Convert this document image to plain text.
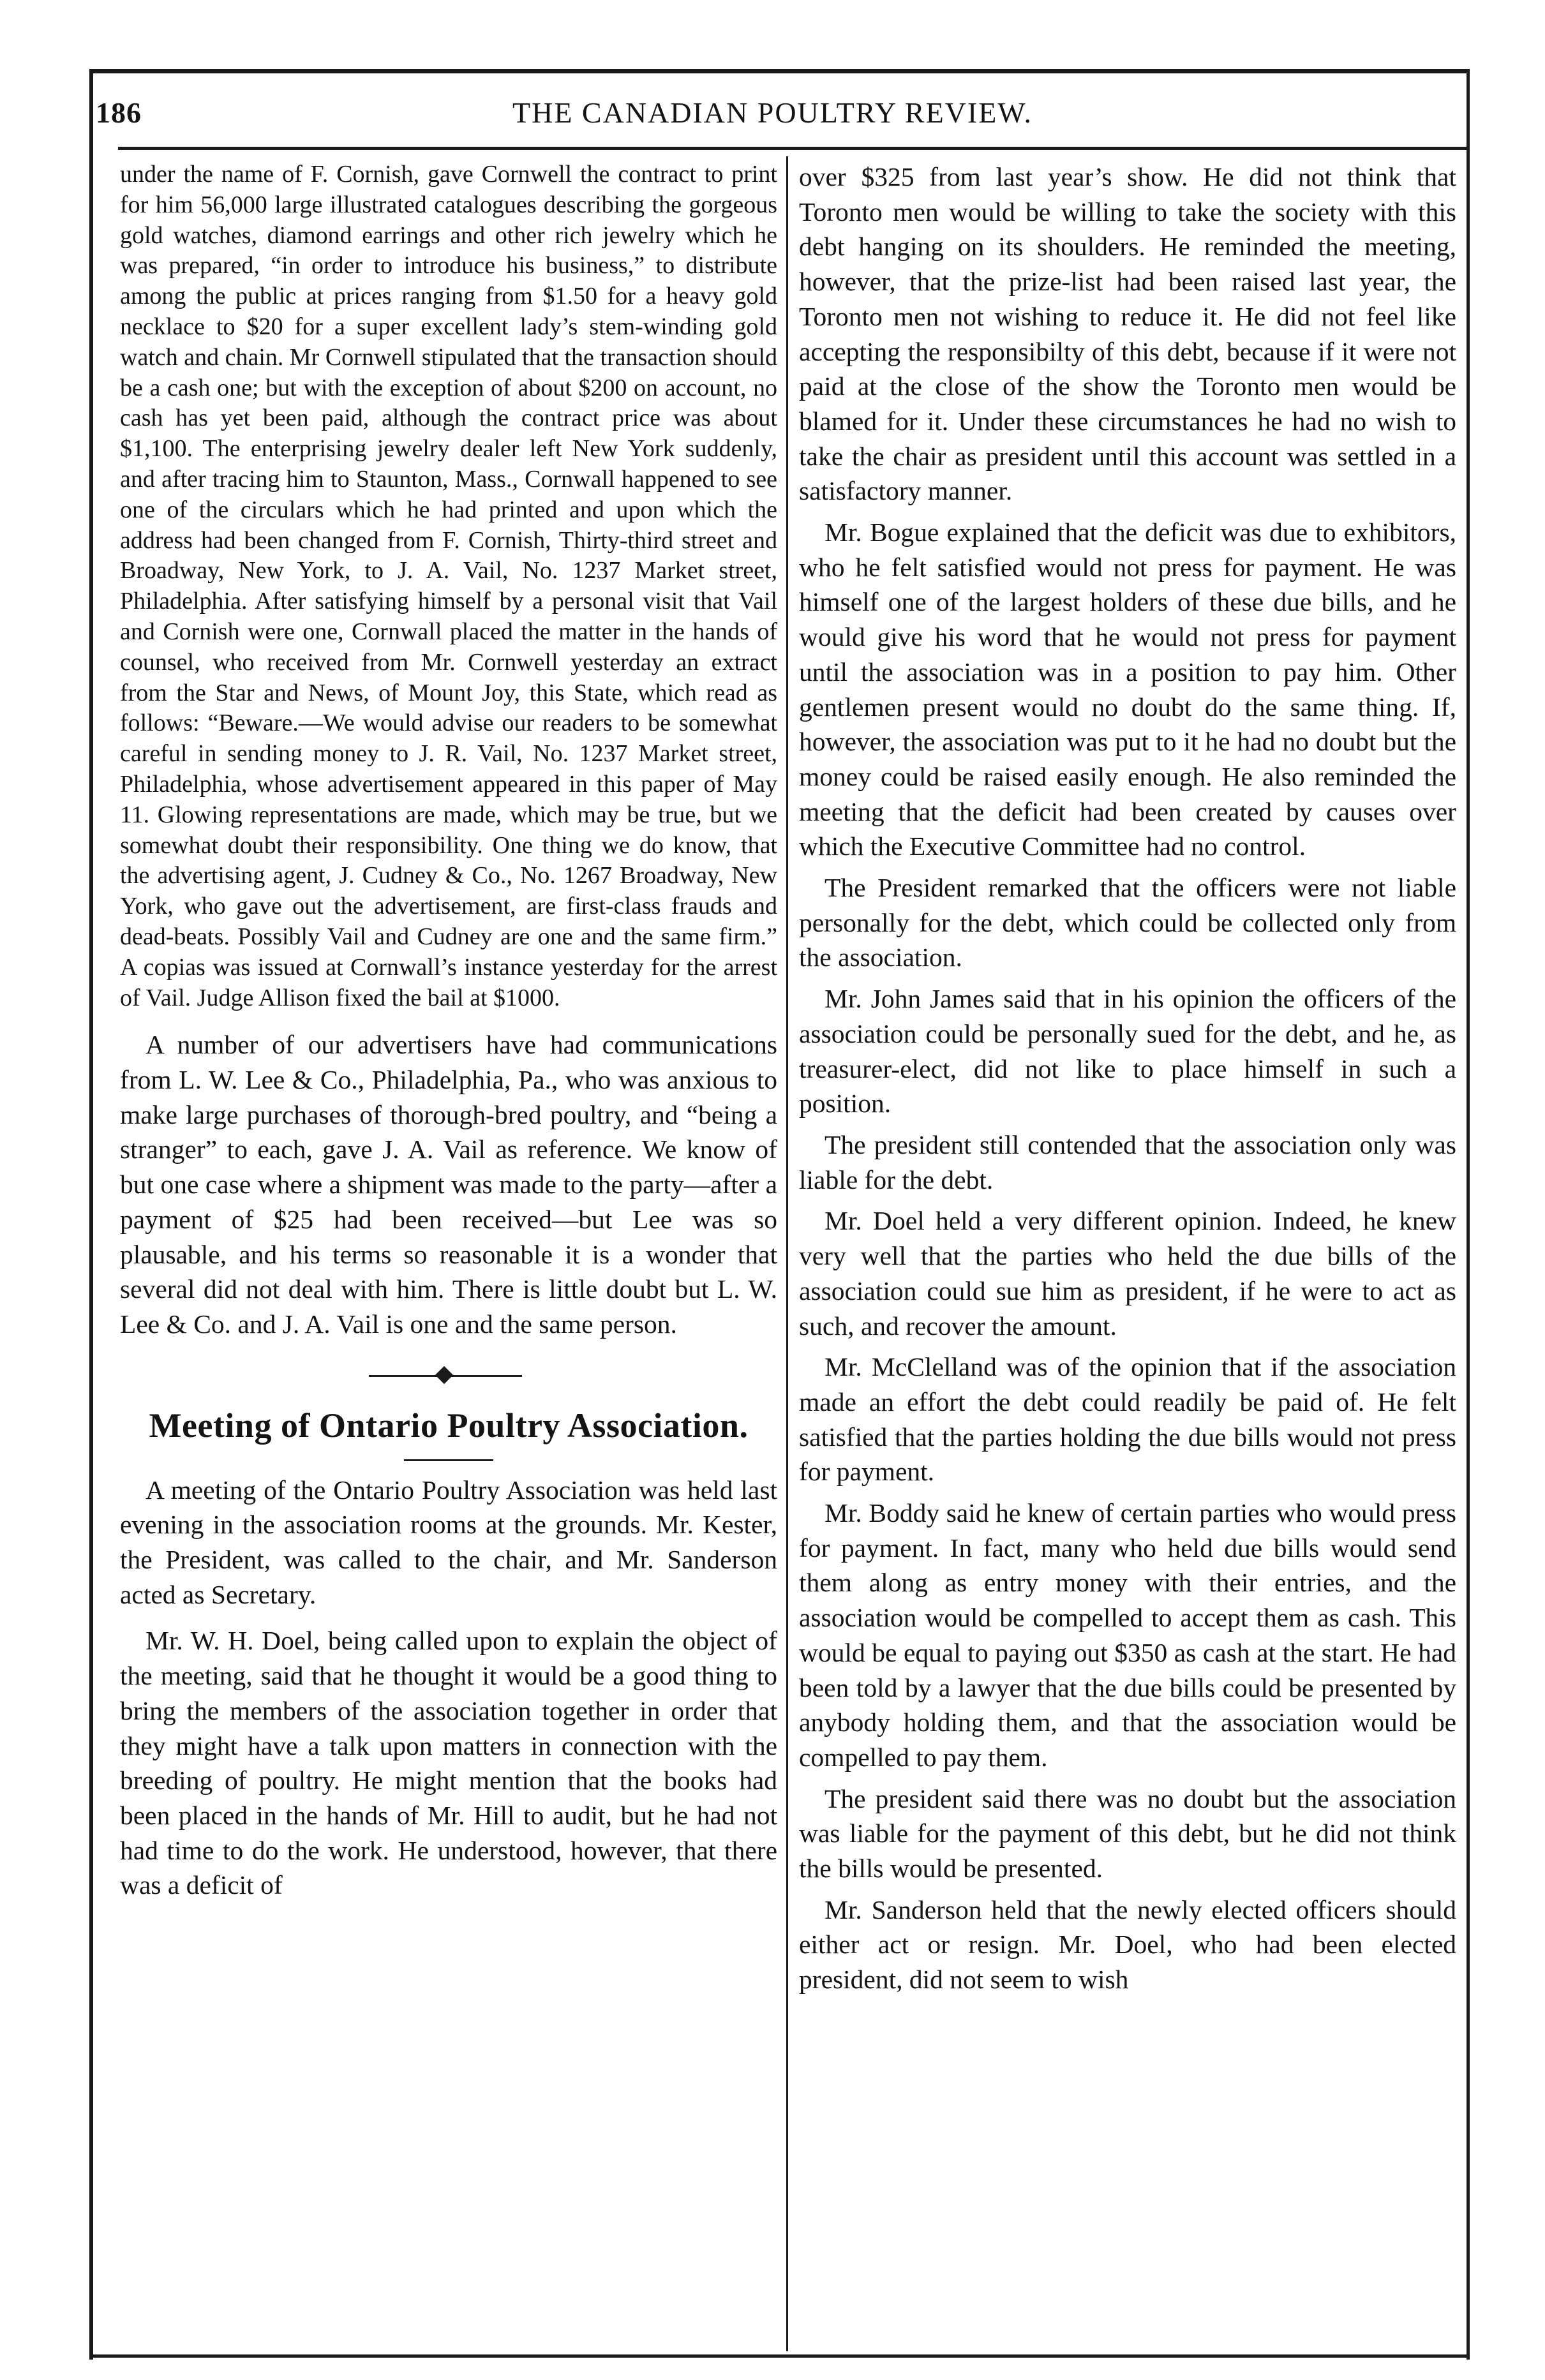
186	THE CANADIAN POULTRY REVIEW.

under the name of F. Cornish, gave Cornwell the contract to print for him 56,000 large illustrated catalogues describing the gorgeous gold watches, diamond earrings and other rich jewelry which he was prepared, “in order to introduce his business,” to distribute among the public at prices ranging from $1.50 for a heavy gold necklace to $20 for a super excellent lady’s stem-winding gold watch and chain. Mr Cornwell stipulated that the transaction should be a cash one; but with the exception of about $200 on account, no cash has yet been paid, although the contract price was about $1,100. The enterprising jewelry dealer left New York suddenly, and after tracing him to Staunton, Mass., Cornwall happened to see one of the circulars which he had printed and upon which the address had been changed from F. Cornish, Thirty-third street and Broadway, New York, to J. A. Vail, No. 1237 Market street, Philadelphia. After satisfying himself by a personal visit that Vail and Cornish were one, Cornwall placed the matter in the hands of counsel, who received from Mr. Cornwell yesterday an extract from the Star and News, of Mount Joy, this State, which read as follows: “Beware.—We would advise our readers to be somewhat careful in sending money to J. R. Vail, No. 1237 Market street, Philadelphia, whose advertisement appeared in this paper of May 11. Glowing representations are made, which may be true, but we somewhat doubt their responsibility. One thing we do know, that the advertising agent, J. Cudney & Co., No. 1267 Broadway, New York, who gave out the advertisement, are first-class frauds and dead-beats. Possibly Vail and Cudney are one and the same firm.” A copias was issued at Cornwall’s instance yesterday for the arrest of Vail. Judge Allison fixed the bail at $1000.

A number of our advertisers have had communications from L. W. Lee & Co., Philadelphia, Pa., who was anxious to make large purchases of thorough-bred poultry, and “being a stranger” to each, gave J. A. Vail as reference. We know of but one case where a shipment was made to the party—after a payment of $25 had been received—but Lee was so plausable, and his terms so reasonable it is a wonder that several did not deal with him. There is little doubt but L. W. Lee & Co. and J. A. Vail is one and the same person.

Meeting of Ontario Poultry Association.

A meeting of the Ontario Poultry Association was held last evening in the association rooms at the grounds. Mr. Kester, the President, was called to the chair, and Mr. Sanderson acted as Secretary.

Mr. W. H. Doel, being called upon to explain the object of the meeting, said that he thought it would be a good thing to bring the members of the association together in order that they might have a talk upon matters in connection with the breeding of poultry. He might mention that the books had been placed in the hands of Mr. Hill to audit, but he had not had time to do the work. He understood, however, that there was a deficit of

over $325 from last year’s show. He did not think that Toronto men would be willing to take the society with this debt hanging on its shoulders. He reminded the meeting, however, that the prize-list had been raised last year, the Toronto men not wishing to reduce it. He did not feel like accepting the responsibilty of this debt, because if it were not paid at the close of the show the Toronto men would be blamed for it. Under these circumstances he had no wish to take the chair as president until this account was settled in a satisfactory manner.

Mr. Bogue explained that the deficit was due to exhibitors, who he felt satisfied would not press for payment. He was himself one of the largest holders of these due bills, and he would give his word that he would not press for payment until the association was in a position to pay him. Other gentlemen present would no doubt do the same thing. If, however, the association was put to it he had no doubt but the money could be raised easily enough. He also reminded the meeting that the deficit had been created by causes over which the Executive Committee had no control.

The President remarked that the officers were not liable personally for the debt, which could be collected only from the association.

Mr. John James said that in his opinion the officers of the association could be personally sued for the debt, and he, as treasurer-elect, did not like to place himself in such a position.

The president still contended that the association only was liable for the debt.

Mr. Doel held a very different opinion. Indeed, he knew very well that the parties who held the due bills of the association could sue him as president, if he were to act as such, and recover the amount.

Mr. McClelland was of the opinion that if the association made an effort the debt could readily be paid of. He felt satisfied that the parties holding the due bills would not press for payment.

Mr. Boddy said he knew of certain parties who would press for payment. In fact, many who held due bills would send them along as entry money with their entries, and the association would be compelled to accept them as cash. This would be equal to paying out $350 as cash at the start. He had been told by a lawyer that the due bills could be presented by anybody holding them, and that the association would be compelled to pay them.

The president said there was no doubt but the association was liable for the payment of this debt, but he did not think the bills would be presented.

Mr. Sanderson held that the newly elected officers should either act or resign. Mr. Doel, who had been elected president, did not seem to wish
